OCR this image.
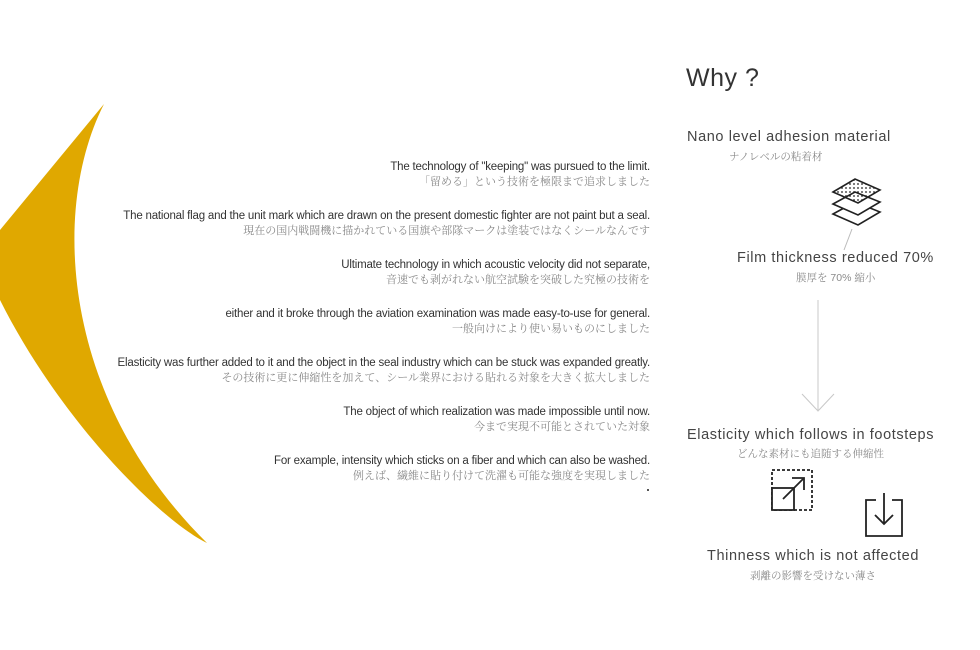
The technology of "keeping" was pursued to the limit.
「留める」という技術を極限まで追求しました
The national flag and the unit mark which are drawn on the present domestic fighter are not paint but a seal.
現在の国内戦闘機に描かれている国旗や部隊マークは塗装ではなくシールなんです
Ultimate technology in which acoustic velocity did not separate,
音速でも剥がれない航空試験を突破した究極の技術を
either and it broke through the aviation examination was made easy-to-use for general.
一般向けにより使い易いものにしました
Elasticity was further added to it and the object in the seal industry which can be stuck was expanded greatly.
その技術に更に伸縮性を加えて、シール業界における貼れる対象を大きく拡大しました
The object of which realization was made impossible until now.
今まで実現不可能とされていた対象
For example, intensity which sticks on a fiber and which can also be washed.
例えば、繊維に貼り付けて洗濯も可能な強度を実現しました
Why ?
Nano level adhesion material
ナノレベルの粘着材
Film thickness reduced 70%
膜厚を 70% 縮小
Elasticity which follows in footsteps
どんな素材にも追随する伸縮性
Thinness which is not affected
剥離の影響を受けない薄さ
